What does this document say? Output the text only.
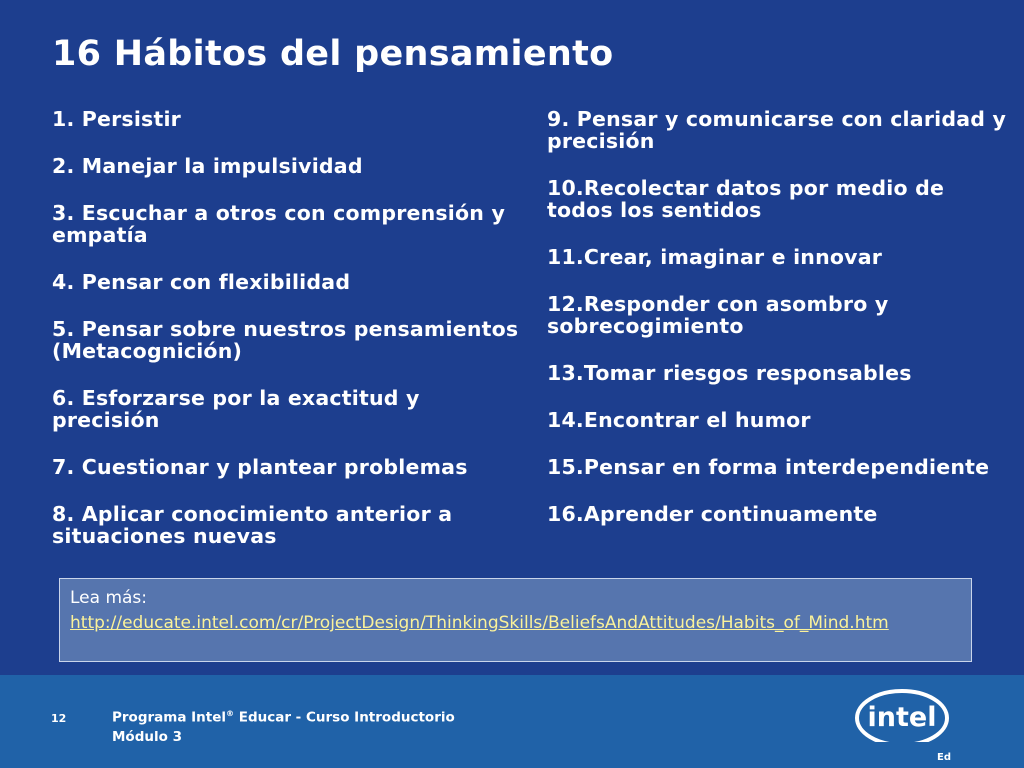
16 Hábitos del pensamiento
1. Persistir
2. Manejar la impulsividad
3. Escuchar a otros con comprensión y empatía
4. Pensar con flexibilidad
5. Pensar sobre nuestros pensamientos (Metacognición)
6. Esforzarse por la exactitud y precisión
7. Cuestionar y plantear problemas
8. Aplicar conocimiento anterior a situaciones nuevas
9. Pensar y comunicarse con claridad y precisión
10.Recolectar datos por medio de todos los sentidos
11.Crear, imaginar e innovar
12.Responder con asombro y sobrecogimiento
13.Tomar riesgos responsables
14.Encontrar el humor
15.Pensar en forma interdependiente
16.Aprender continuamente
Lea más:
http://educate.intel.com/cr/ProjectDesign/ThinkingSkills/BeliefsAndAttitudes/Habits_of_Mind.htm
12	Programa Intel® Educar - Curso Introductorio
Módulo 3
intel
Ed
